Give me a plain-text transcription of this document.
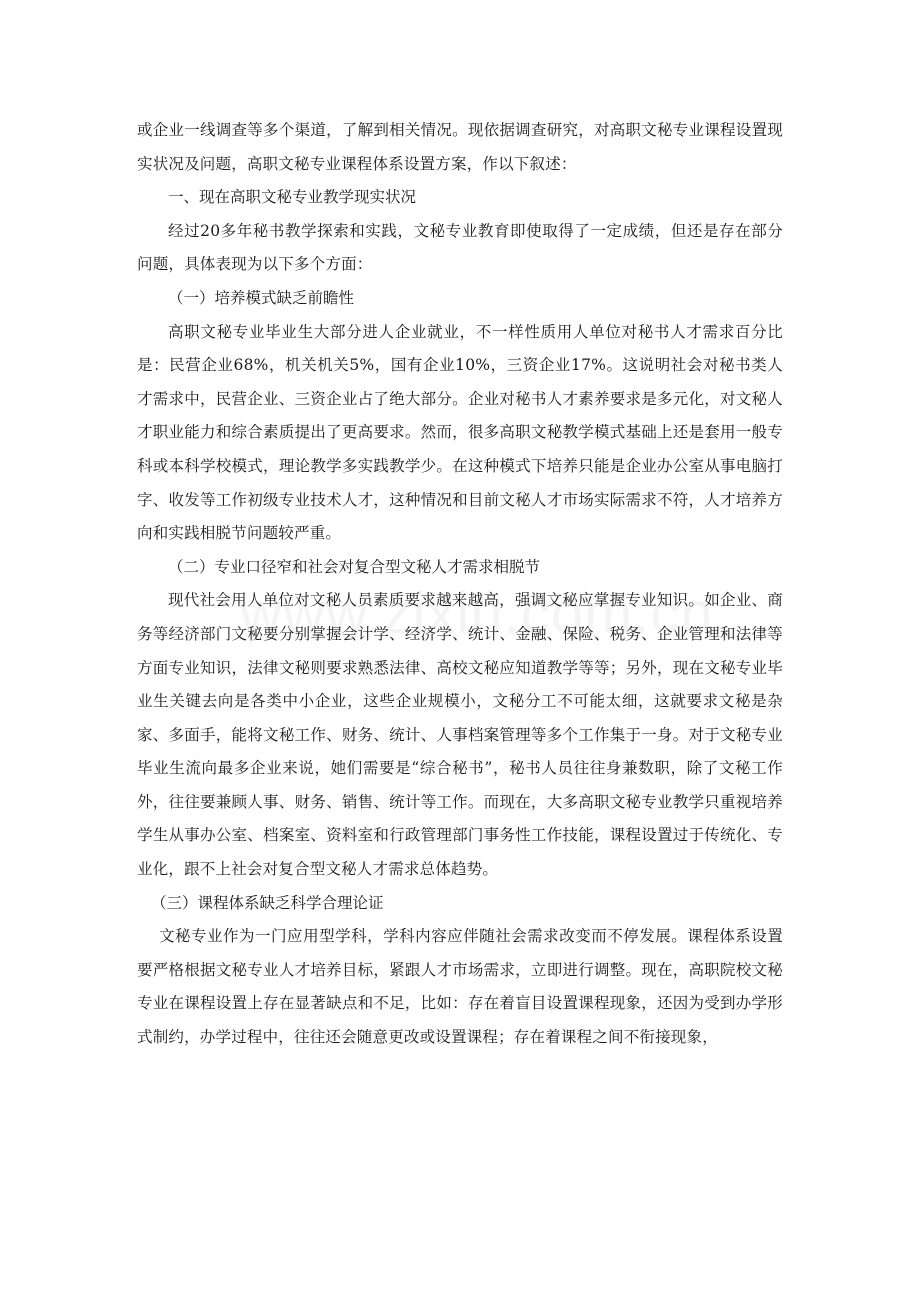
或企业一线调查等多个渠道，了解到相关情况。现依据调查研究，对高职文秘专业课程设置现实状况及问题，高职文秘专业课程体系设置方案，作以下叙述：

一、现在高职文秘专业教学现实状况

经过20多年秘书教学探索和实践，文秘专业教育即使取得了一定成绩，但还是存在部分问题，具体表现为以下多个方面：

（一）培养模式缺乏前瞻性

高职文秘专业毕业生大部分进人企业就业，不一样性质用人单位对秘书人才需求百分比是：民营企业68%，机关机关5%，国有企业10%，三资企业17%。这说明社会对秘书类人才需求中，民营企业、三资企业占了绝大部分。企业对秘书人才素养要求是多元化，对文秘人才职业能力和综合素质提出了更高要求。然而，很多高职文秘教学模式基础上还是套用一般专科或本科学校模式，理论教学多实践教学少。在这种模式下培养只能是企业办公室从事电脑打字、收发等工作初级专业技术人才，这种情况和目前文秘人才市场实际需求不符，人才培养方向和实践相脱节问题较严重。

（二）专业口径窄和社会对复合型文秘人才需求相脱节

现代社会用人单位对文秘人员素质要求越来越高，强调文秘应掌握专业知识。如企业、商务等经济部门文秘要分别掌握会计学、经济学、统计、金融、保险、税务、企业管理和法律等方面专业知识，法律文秘则要求熟悉法律、高校文秘应知道教学等等；另外，现在文秘专业毕业生关键去向是各类中小企业，这些企业规模小，文秘分工不可能太细，这就要求文秘是杂家、多面手，能将文秘工作、财务、统计、人事档案管理等多个工作集于一身。对于文秘专业毕业生流向最多企业来说，她们需要是“综合秘书”，秘书人员往往身兼数职，除了文秘工作外，往往要兼顾人事、财务、销售、统计等工作。而现在，大多高职文秘专业教学只重视培养学生从事办公室、档案室、资料室和行政管理部门事务性工作技能，课程设置过于传统化、专业化，跟不上社会对复合型文秘人才需求总体趋势。

（三）课程体系缺乏科学合理论证

文秘专业作为一门应用型学科，学科内容应伴随社会需求改变而不停发展。课程体系设置要严格根据文秘专业人才培养目标，紧跟人才市场需求，立即进行调整。现在，高职院校文秘专业在课程设置上存在显著缺点和不足，比如：存在着盲目设置课程现象，还因为受到办学形式制约，办学过程中，往往还会随意更改或设置课程；存在着课程之间不衔接现象，
